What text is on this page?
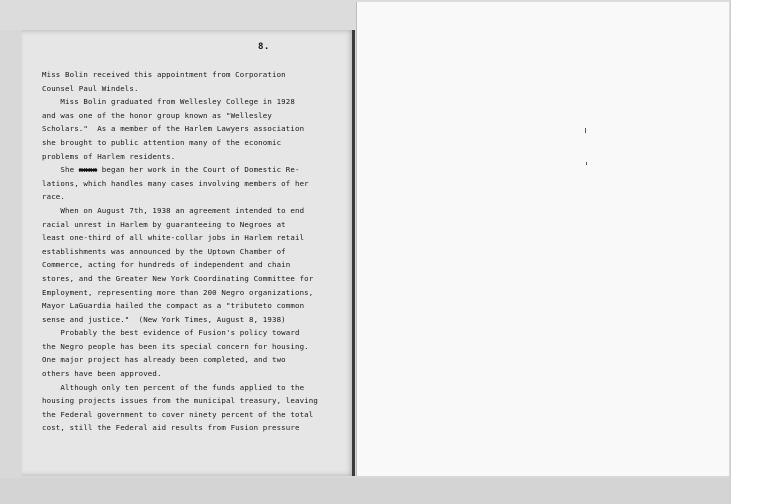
8.
Miss Bolin received this appointment from Corporation
Counsel Paul Windels.
Miss Bolin graduated from Wellesley College in 1928
and was one of the honor group known as "Wellesley
Scholars."  As a member of the Harlem Lawyers association
she brought to public attention many of the economic
problems of Harlem residents.
She xxxx began her work in the Court of Domestic Re-
lations, which handles many cases involving members of her
race.
When on August 7th, 1938 an agreement intended to end
racial unrest in Harlem by guaranteeing to Negroes at
least one-third of all white-collar jobs in Harlem retail
establishments was announced by the Uptown Chamber of
Commerce, acting for hundreds of independent and chain
stores, and the Greater New York Coordinating Committee for
Employment, representing more than 200 Negro organizations,
Mayor LaGuardia hailed the compact as a "tributeto common
sense and justice."  (New York Times, August 8, 1938)
Probably the best evidence of Fusion's policy toward
the Negro people has been its special concern for housing.
One major project has already been completed, and two
others have been approved.
Although only ten percent of the funds applied to the
housing projects issues from the municipal treasury, leaving
the Federal government to cover ninety percent of the total
cost, still the Federal aid results from Fusion pressure
